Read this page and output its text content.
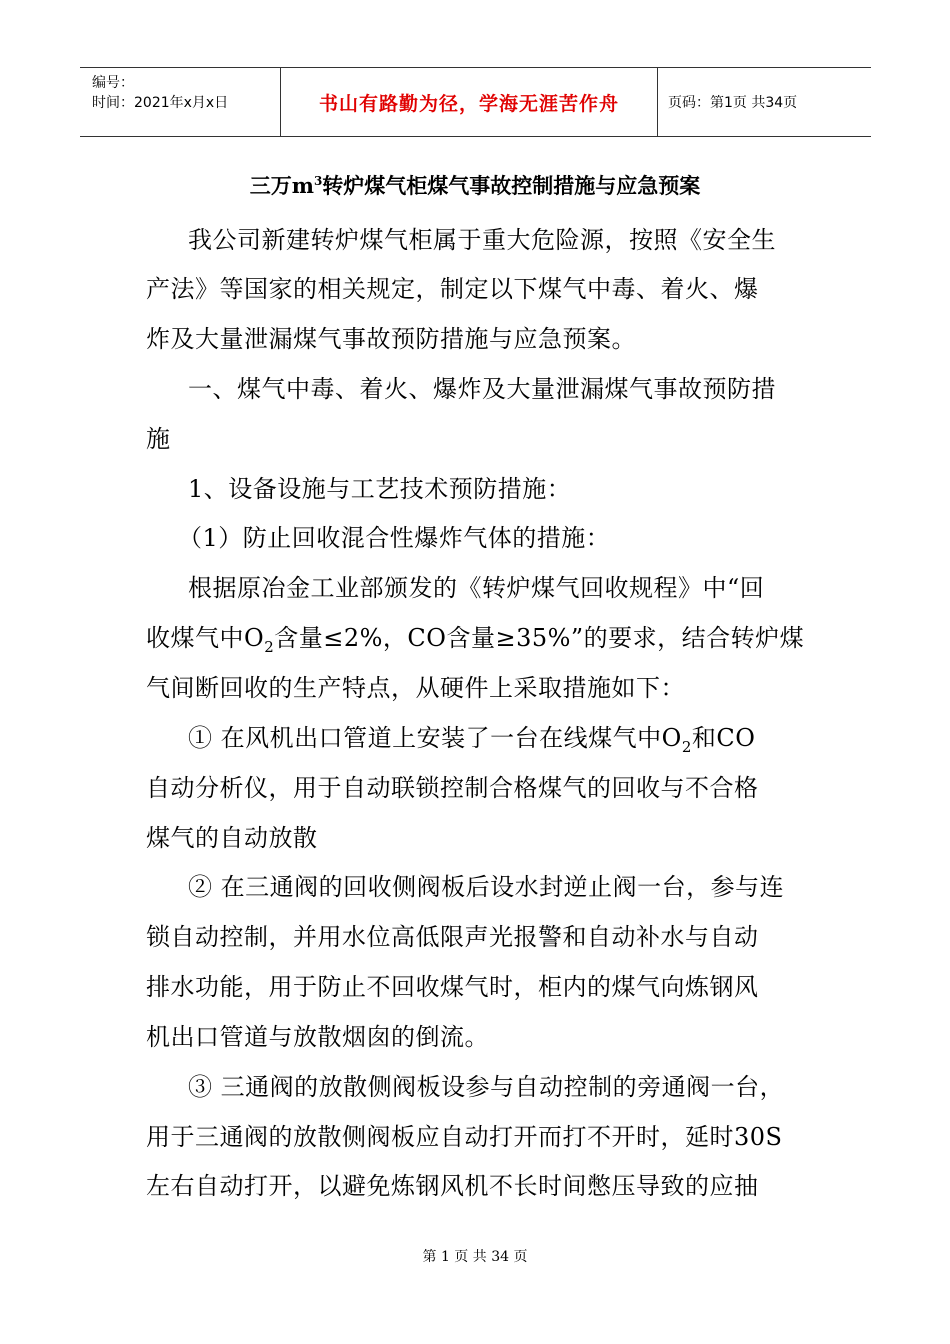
编号：
时间：2021年x月x日	书山有路勤为径，学海无涯苦作舟	页码：第1页 共34页
三万$m^3$转炉煤气柜煤气事故控制措施与应急预案
我公司新建转炉煤气柜属于重大危险源，按照《安全生
产法》等国家的相关规定，制定以下煤气中毒、着火、爆
炸及大量泄漏煤气事故预防措施与应急预案。
一、煤气中毒、着火、爆炸及大量泄漏煤气事故预防措
施
1、设备设施与工艺技术预防措施：
（1）防止回收混合性爆炸气体的措施：
根据原冶金工业部颁发的《转炉煤气回收规程》中“回
收煤气中$O_2$含量≤2%，CO含量≥35%”的要求，结合转炉煤
气间断回收的生产特点，从硬件上采取措施如下：
① 在风机出口管道上安装了一台在线煤气中$O_2$和CO
自动分析仪，用于自动联锁控制合格煤气的回收与不合格
煤气的自动放散
② 在三通阀的回收侧阀板后设水封逆止阀一台，参与连
锁自动控制，并用水位高低限声光报警和自动补水与自动
排水功能，用于防止不回收煤气时，柜内的煤气向炼钢风
机出口管道与放散烟囱的倒流。
③ 三通阀的放散侧阀板设参与自动控制的旁通阀一台，
用于三通阀的放散侧阀板应自动打开而打不开时，延时30S
左右自动打开，以避免炼钢风机不长时间憋压导致的应抽
第 1 页 共 34 页
